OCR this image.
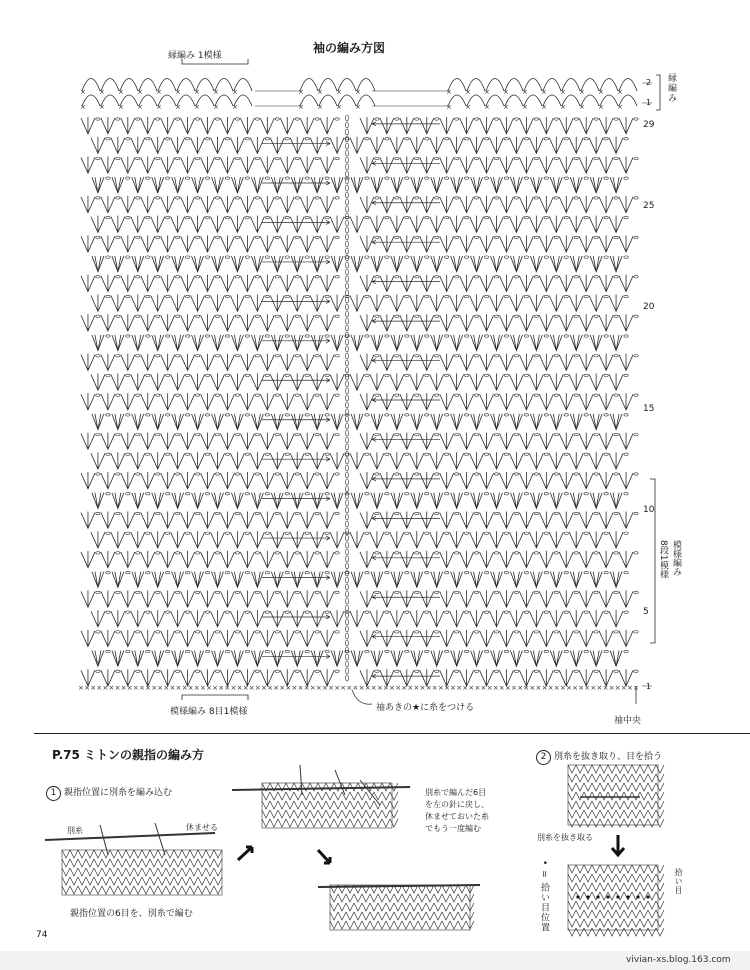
袖の編み方図
縁編み 1模様
× × × × × × × × × × × × × × × × × × × × × × × × × × × × × × × × × × × × × × × × × × × × × × × × × × × × × × × × × × × × × × × × × × × × × × × × × × × × × × × × × × × × × × × × × × × ×
×
×
×
×
×
×
×
×
×
×
×
×
×
×
×
×
×
×
×
×
×
×
×
×
×
×
×
×
×
×
×
×
×
×
×
×
×
×
×
×
×
×
×
×
×
×
縁編み
模様編み
8段1模様
29
25
20
15
10
5
2
1
1
模様編み 8目1模様	袖あきの★に糸をつける
袖中央
P.75 ミトンの親指の編み方
1 親指位置に別糸を編み込む
2 別糸を抜き取り、目を拾う
別糸	休ませる
親指位置の6目を、別糸で編む
別糸で編んだ6目
を左の針に戻し、
休ませておいた糸
でもう一度編む
別糸を抜き取る
拾い目
• = 拾い目位置
74
vivian-xs.blog.163.com
